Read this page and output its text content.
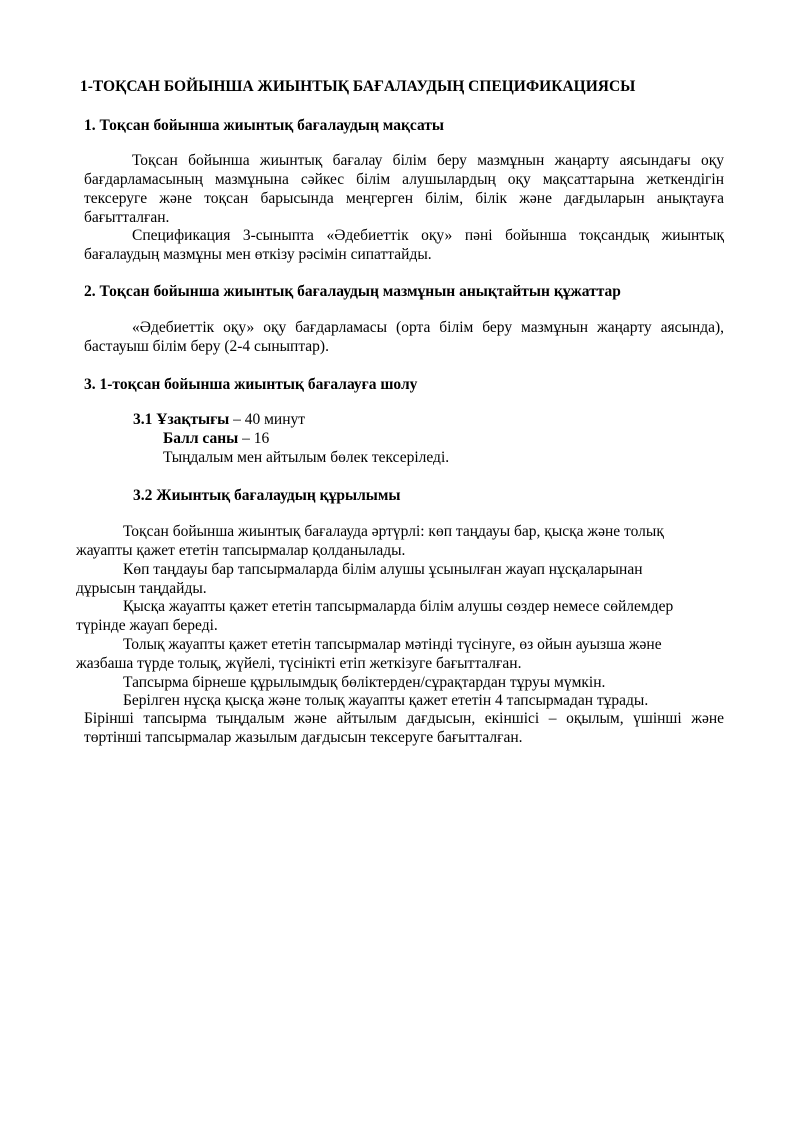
1-ТОҚСАН БОЙЫНША ЖИЫНТЫҚ БАҒАЛАУДЫҢ СПЕЦИФИКАЦИЯСЫ

1. Тоқсан бойынша жиынтық бағалаудың мақсаты

Тоқсан бойынша жиынтық бағалау білім беру мазмұнын жаңарту аясындағы оқу бағдарламасының мазмұнына сәйкес білім алушылардың оқу мақсаттарына жеткендігін тексеруге және тоқсан барысында меңгерген білім, білік және дағдыларын анықтауға бағытталған.

Спецификация 3-сыныпта «Әдебиеттік оқу» пәні бойынша тоқсандық жиынтық бағалаудың мазмұны мен өткізу рәсімін сипаттайды.

2. Тоқсан бойынша жиынтық бағалаудың мазмұнын анықтайтын құжаттар

«Әдебиеттік оқу» оқу бағдарламасы (орта білім беру мазмұнын жаңарту аясында), бастауыш білім беру (2-4 сыныптар).

3. 1-тоқсан бойынша жиынтық бағалауға шолу

3.1 Ұзақтығы – 40 минут

Балл саны – 16

Тыңдалым мен айтылым бөлек тексеріледі.

3.2 Жиынтық бағалаудың құрылымы

Тоқсан бойынша жиынтық бағалауда әртүрлі: көп таңдауы бар, қысқа және толық

жауапты қажет ететін тапсырмалар қолданылады.

Көп таңдауы бар тапсырмаларда білім алушы ұсынылған жауап нұсқаларынан

дұрысын таңдайды.

Қысқа жауапты қажет ететін тапсырмаларда білім алушы сөздер немесе сөйлемдер

түрінде жауап береді.

Толық жауапты қажет ететін тапсырмалар мәтінді түсінуге, өз ойын ауызша және

жазбаша түрде толық, жүйелі, түсінікті етіп жеткізуге бағытталған.

Тапсырма бірнеше құрылымдық бөліктерден/сұрақтардан тұруы мүмкін.

Берілген нұсқа қысқа және толық жауапты қажет ететін 4 тапсырмадан тұрады.

Бірінші тапсырма тыңдалым және айтылым дағдысын, екіншісі – оқылым, үшінші және төртінші тапсырмалар жазылым дағдысын тексеруге бағытталған.
